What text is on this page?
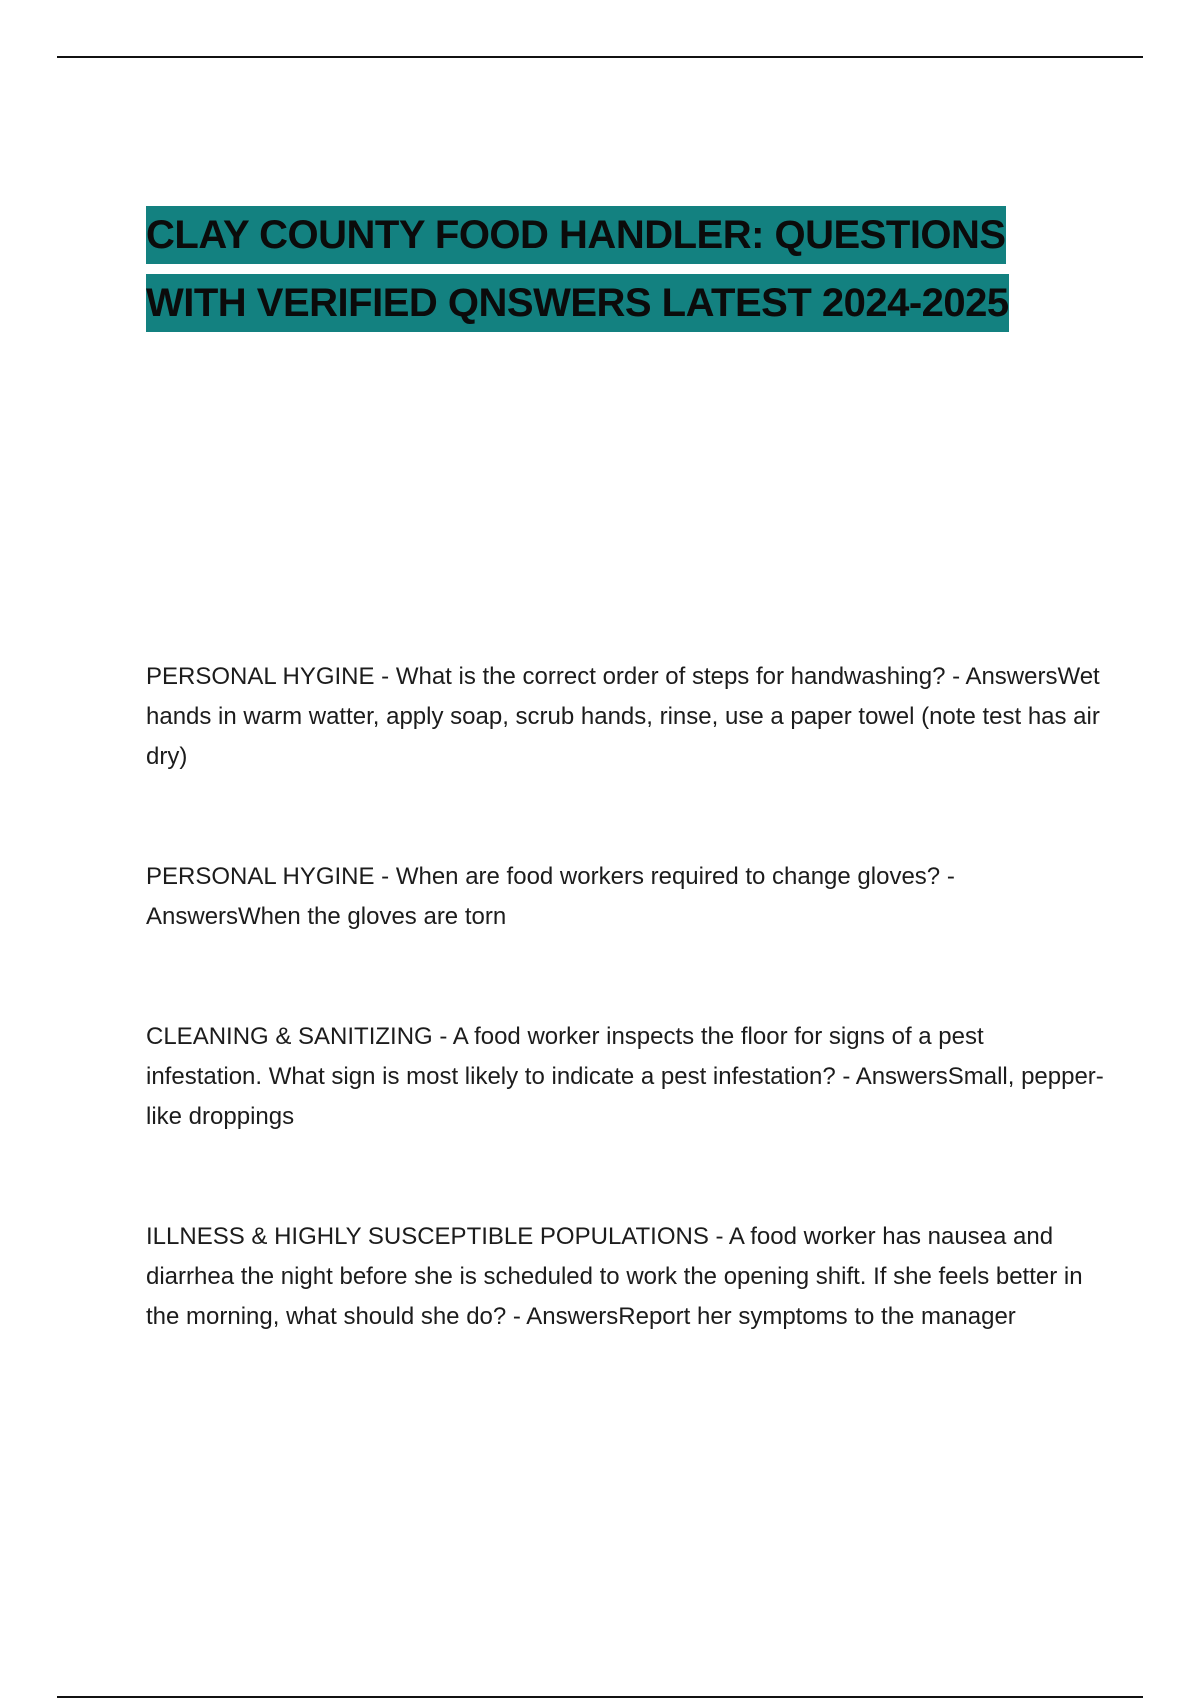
CLAY COUNTY FOOD HANDLER: QUESTIONS
WITH VERIFIED QNSWERS LATEST 2024-2025

PERSONAL HYGINE - What is the correct order of steps for handwashing? - AnswersWet hands in warm watter, apply soap, scrub hands, rinse, use a paper towel (note test has air dry)

PERSONAL HYGINE - When are food workers required to change gloves? - AnswersWhen the gloves are torn

CLEANING & SANITIZING - A food worker inspects the floor for signs of a pest infestation. What sign is most likely to indicate a pest infestation? - AnswersSmall, pepper-like droppings

ILLNESS & HIGHLY SUSCEPTIBLE POPULATIONS - A food worker has nausea and diarrhea the night before she is scheduled to work the opening shift. If she feels better in the morning, what should she do? - AnswersReport her symptoms to the manager
